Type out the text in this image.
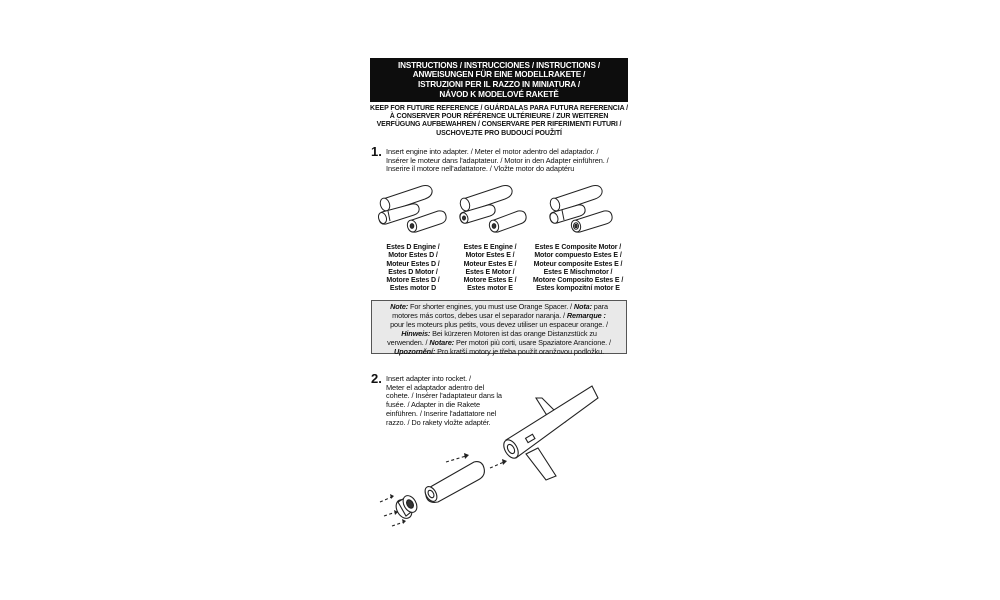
INSTRUCTIONS / INSTRUCCIONES / INSTRUCTIONS /
ANWEISUNGEN FÜR EINE MODELLRAKETE /
ISTRUZIONI PER IL RAZZO IN MINIATURA /
NÁVOD K MODELOVÉ RAKETĚ
KEEP FOR FUTURE REFERENCE / GUÁRDALAS PARA FUTURA REFERENCIA /
À CONSERVER POUR RÉFÉRENCE ULTÉRIEURE / ZUR WEITEREN
VERFÜGUNG AUFBEWAHREN / CONSERVARE PER RIFERIMENTI FUTURI /
USCHOVEJTE PRO BUDOUCÍ POUŽITÍ
1. Insert engine into adapter. / Meter el motor adentro del adaptador. /
Insérer le moteur dans l'adaptateur. / Motor in den Adapter einführen. /
Inserire il motore nell'adattatore. / Vložte motor do adaptéru
Estes D Engine /
Motor Estes D /
Moteur Estes D /
Estes D Motor /
Motore Estes D /
Estes motor D
Estes E Engine /
Motor Estes E /
Moteur Estes E /
Estes E Motor /
Motore Estes E /
Estes motor E
Estes E Composite Motor /
Motor compuesto Estes E /
Moteur composite Estes E /
Estes E Mischmotor /
Motore Composito Estes E /
Estes kompozitní motor E
Note: For shorter engines, you must use Orange Spacer. / Nota: para
motores más cortos, debes usar el separador naranja. / Remarque :
pour les moteurs plus petits, vous devez utiliser un espaceur orange. /
Hinweis: Bei kürzeren Motoren ist das orange Distanzstück zu
verwenden. / Notare: Per motori più corti, usare Spaziatore Arancione. /
Upozornění: Pro kratší motory je třeba použít oranžovou podložku.
2. Insert adapter into rocket. /
Meter el adaptador adentro del
cohete. / Insérer l'adaptateur dans la
fusée. / Adapter in die Rakete
einführen. / Inserire l'adattatore nel
razzo. / Do rakety vložte adaptér.
